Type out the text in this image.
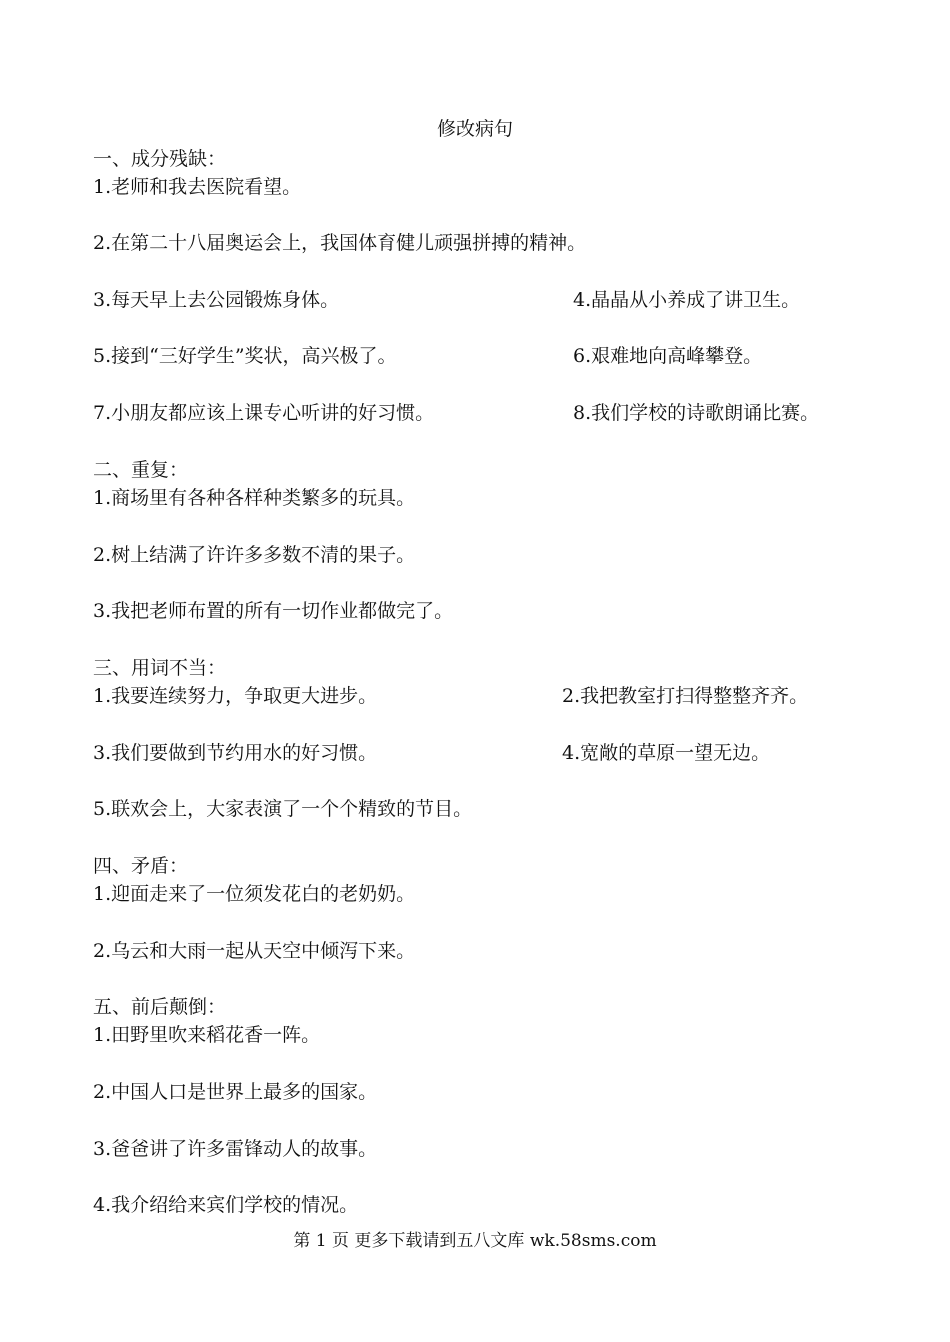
修改病句
一、成分残缺：
1.老师和我去医院看望。
2.在第二十八届奥运会上，我国体育健儿顽强拼搏的精神。
3.每天早上去公园锻炼身体。	4.晶晶从小养成了讲卫生。
5.接到“三好学生”奖状，高兴极了。	6.艰难地向高峰攀登。
7.小朋友都应该上课专心听讲的好习惯。	8.我们学校的诗歌朗诵比赛。
二、重复：
1.商场里有各种各样种类繁多的玩具。
2.树上结满了许许多多数不清的果子。
3.我把老师布置的所有一切作业都做完了。
三、用词不当：
1.我要连续努力，争取更大进步。	2.我把教室打扫得整整齐齐。
3.我们要做到节约用水的好习惯。	4.宽敞的草原一望无边。
5.联欢会上，大家表演了一个个精致的节目。
四、矛盾：
1.迎面走来了一位须发花白的老奶奶。
2.乌云和大雨一起从天空中倾泻下来。
五、前后颠倒：
1.田野里吹来稻花香一阵。
2.中国人口是世界上最多的国家。
3.爸爸讲了许多雷锋动人的故事。
4.我介绍给来宾们学校的情况。
第 1 页 更多下载请到五八文库 wk.58sms.com
